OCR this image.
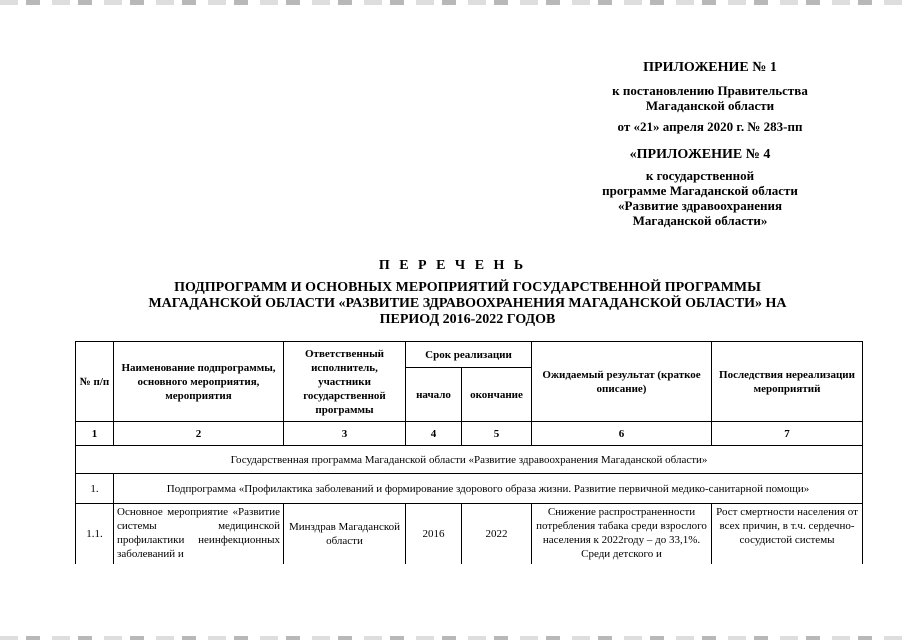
ПРИЛОЖЕНИЕ № 1
к постановлению Правительства
Магаданской области
от «21» апреля 2020 г. № 283-пп
«ПРИЛОЖЕНИЕ № 4
к государственной
программе Магаданской области
«Развитие здравоохранения
Магаданской области»
П Е Р Е Ч Е Н Ь
ПОДПРОГРАММ И ОСНОВНЫХ МЕРОПРИЯТИЙ ГОСУДАРСТВЕННОЙ ПРОГРАММЫ МАГАДАНСКОЙ ОБЛАСТИ «РАЗВИТИЕ ЗДРАВООХРАНЕНИЯ МАГАДАНСКОЙ ОБЛАСТИ» НА ПЕРИОД 2016-2022 ГОДОВ
№ п/п	Наименование подпрограммы, основного мероприятия, мероприятия	Ответственный исполнитель, участники государственной программы	Срок реализации		Ожидаемый результат (краткое описание)	Последствия нереализации мероприятий
			начало	окончание		
1	2	3	4	5	6	7
Государственная программа Магаданской области «Развитие здравоохранения Магаданской области»						
1.	Подпрограмма «Профилактика заболеваний и формирование здорового образа жизни. Развитие первичной медико-санитарной помощи»					
1.1.	Основное мероприятие «Развитие системы медицинской профилактики неинфекционных заболеваний и	Минздрав Магаданской области	2016	2022	Снижение распространенности потребления табака среди взрослого населения к 2022году – до 33,1%. Среди детского и	Рост смертности населения от всех причин, в т.ч. сердечно-сосудистой системы
